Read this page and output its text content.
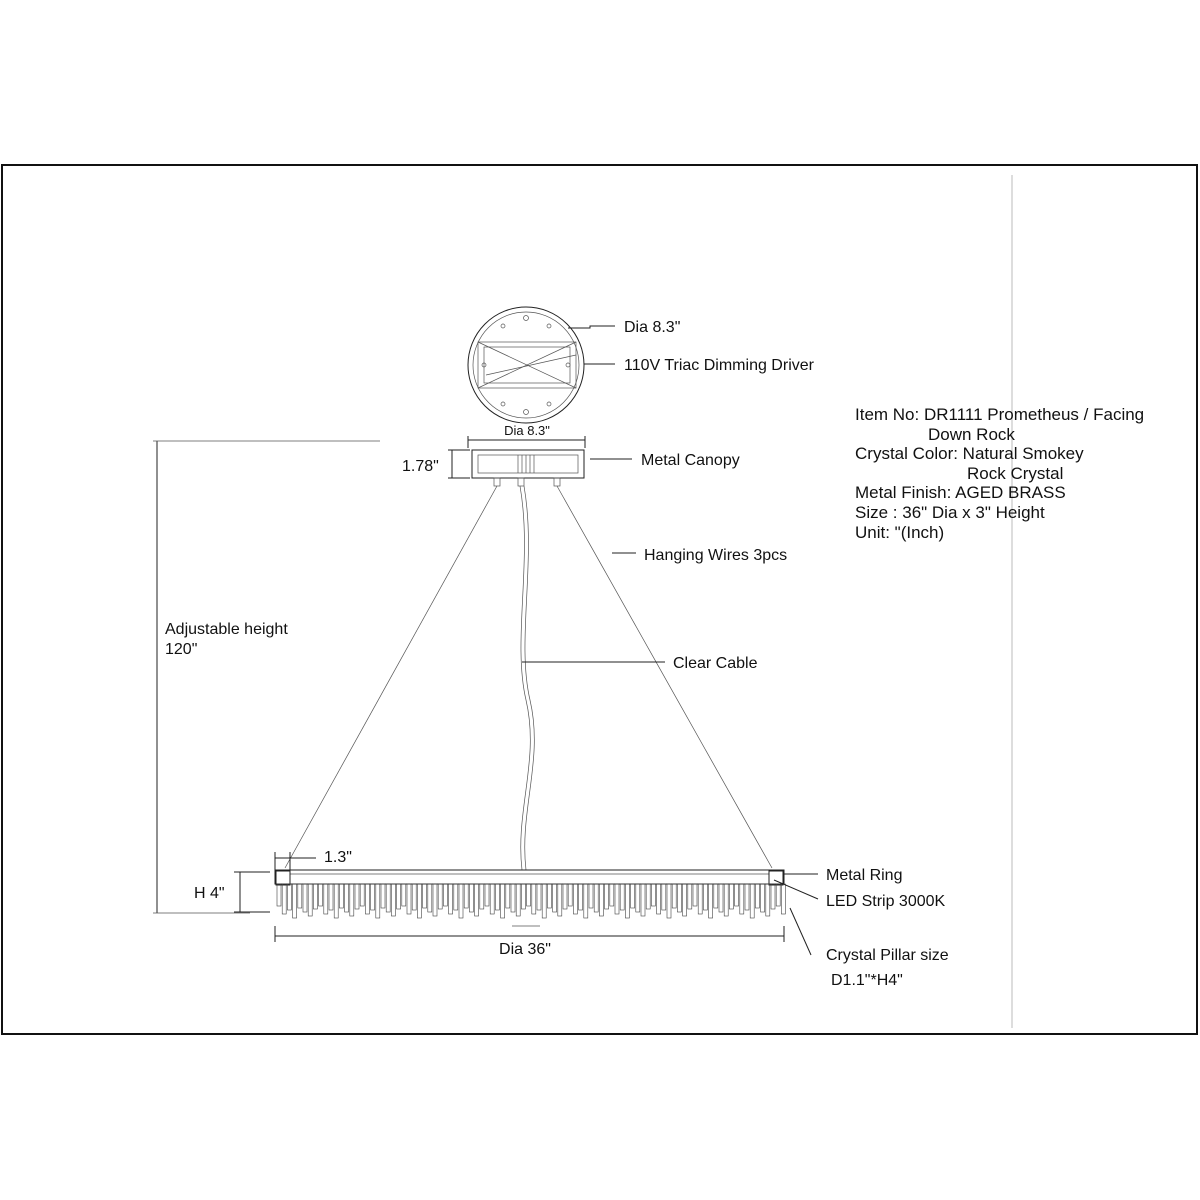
Dia 8.3"
110V Triac Dimming Driver
Dia 8.3"
1.78"	Metal Canopy
Hanging Wires 3pcs
Clear Cable
Adjustable height
120"
1.3"
H 4"
Metal Ring
LED Strip 3000K
Dia 36"	Crystal Pillar size
D1.1"*H4"
Item No: DR1111 Prometheus / Facing
Down Rock
Crystal Color: Natural Smokey
Rock Crystal
Metal Finish: AGED BRASS
Size : 36" Dia x 3" Height
Unit: "(Inch)
